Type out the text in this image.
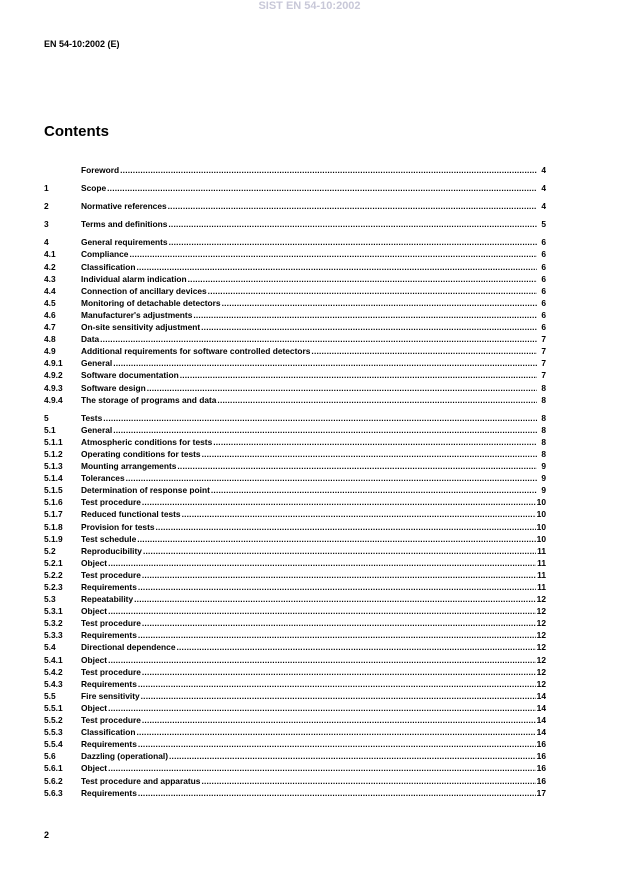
SIST EN 54-10:2002
EN 54-10:2002 (E)
Contents
Foreword .....	4
1	Scope .....	4
2	Normative references .....	4
3	Terms and definitions .....	5
4	General requirements .....	6
4.1	Compliance .....	6
4.2	Classification .....	6
4.3	Individual alarm indication .....	6
4.4	Connection of ancillary devices .....	6
4.5	Monitoring of detachable detectors .....	6
4.6	Manufacturer's adjustments .....	6
4.7	On-site sensitivity adjustment .....	6
4.8	Data .....	7
4.9	Additional requirements for software controlled detectors .....	7
4.9.1	General .....	7
4.9.2	Software documentation .....	7
4.9.3	Software design .....	8
4.9.4	The storage of programs and data .....	8
5	Tests .....	8
5.1	General .....	8
5.1.1	Atmospheric conditions for tests .....	8
5.1.2	Operating conditions for tests .....	8
5.1.3	Mounting arrangements .....	9
5.1.4	Tolerances .....	9
5.1.5	Determination of response point .....	9
5.1.6	Test procedure .....	10
5.1.7	Reduced functional tests .....	10
5.1.8	Provision for tests .....	10
5.1.9	Test schedule .....	10
5.2	Reproducibility .....	11
5.2.1	Object .....	11
5.2.2	Test procedure .....	11
5.2.3	Requirements .....	11
5.3	Repeatability .....	12
5.3.1	Object .....	12
5.3.2	Test procedure .....	12
5.3.3	Requirements .....	12
5.4	Directional dependence .....	12
5.4.1	Object .....	12
5.4.2	Test procedure .....	12
5.4.3	Requirements .....	12
5.5	Fire sensitivity .....	14
5.5.1	Object .....	14
5.5.2	Test procedure .....	14
5.5.3	Classification .....	14
5.5.4	Requirements .....	16
5.6	Dazzling (operational) .....	16
5.6.1	Object .....	16
5.6.2	Test procedure and apparatus .....	16
5.6.3	Requirements .....	17
2
